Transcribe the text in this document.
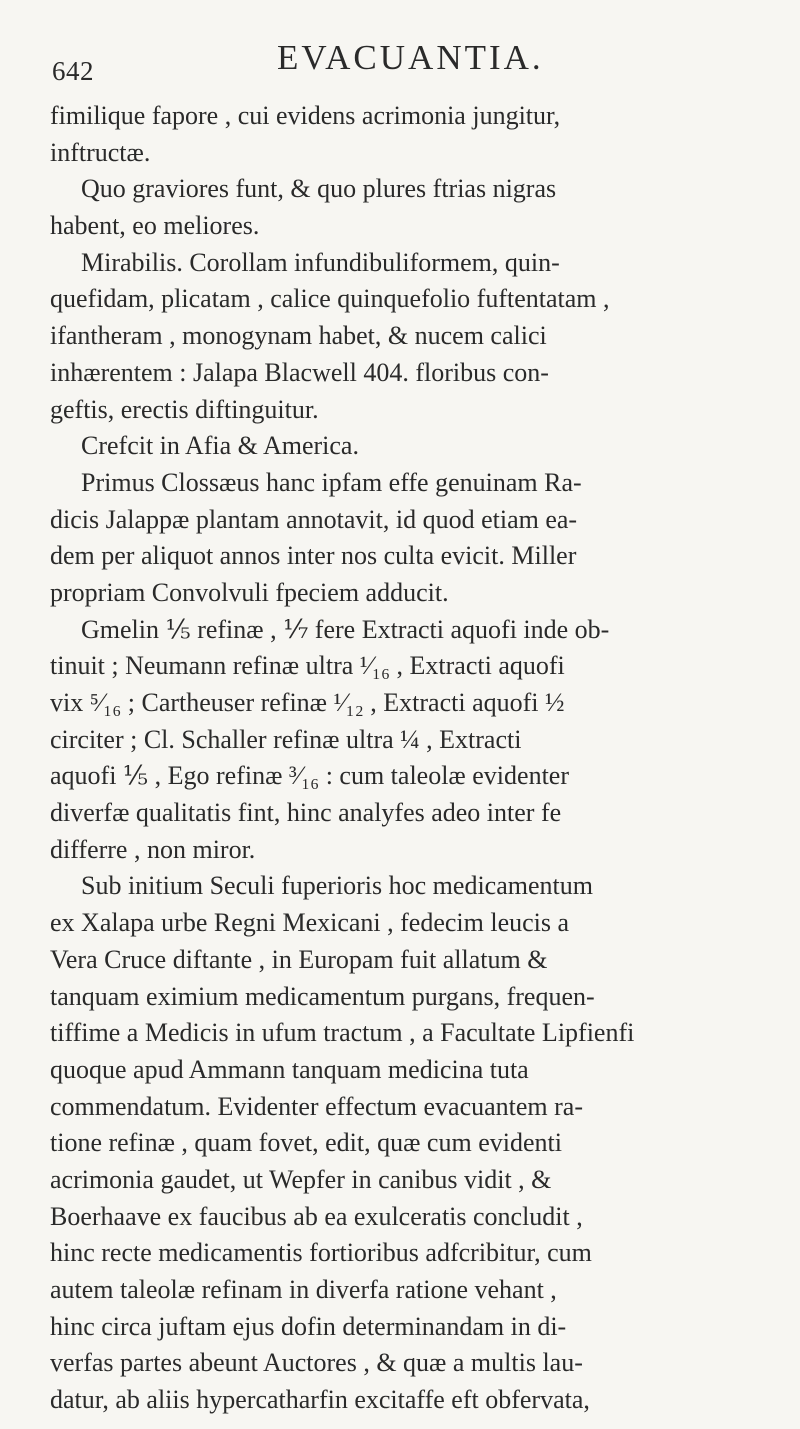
642	EVACUANTIA.
fimilique fapore , cui evidens acrimonia jungitur,
inftructæ.
Quo graviores funt, & quo plures ftrias nigras
habent, eo meliores.
Mirabilis. Corollam infundibuliformem, quin-
quefidam, plicatam , calice quinquefolio fuftentatam ,
ifantheram , monogynam habet, & nucem calici
inhærentem : Jalapa Blacwell 404. floribus con-
geftis, erectis diftinguitur.
Crefcit in Afia & America.
Primus Clossæus hanc ipfam effe genuinam Ra-
dicis Jalappæ plantam annotavit, id quod etiam ea-
dem per aliquot annos inter nos culta evicit. Miller
propriam Convolvuli fpeciem adducit.
Gmelin ⅕ refinæ , ⅐ fere Extracti aquofi inde ob-
tinuit ; Neumann refinæ ultra ¹⁄₁₆ , Extracti aquofi
vix ⁵⁄₁₆ ; Cartheuser refinæ ¹⁄₁₂ , Extracti aquofi ½
circiter ; Cl. Schaller refinæ ultra ¼ , Extracti
aquofi ⅕ , Ego refinæ ³⁄₁₆ : cum taleolæ evidenter
diverfæ qualitatis fint, hinc analyfes adeo inter fe
differre , non miror.
Sub initium Seculi fuperioris hoc medicamentum
ex Xalapa urbe Regni Mexicani , fedecim leucis a
Vera Cruce diftante , in Europam fuit allatum &
tanquam eximium medicamentum purgans, frequen-
tiffime a Medicis in ufum tractum , a Facultate Lipfienfi
quoque apud Ammann tanquam medicina tuta
commendatum. Evidenter effectum evacuantem ra-
tione refinæ , quam fovet, edit, quæ cum evidenti
acrimonia gaudet, ut Wepfer in canibus vidit , &
Boerhaave ex faucibus ab ea exulceratis concludit ,
hinc recte medicamentis fortioribus adfcribitur, cum
autem taleolæ refinam in diverfa ratione vehant ,
hinc circa juftam ejus dofin determinandam in di-
verfas partes abeunt Auctores , & quæ a multis lau-
datur, ab aliis hypercatharfin excitaffe eft obfervata,
